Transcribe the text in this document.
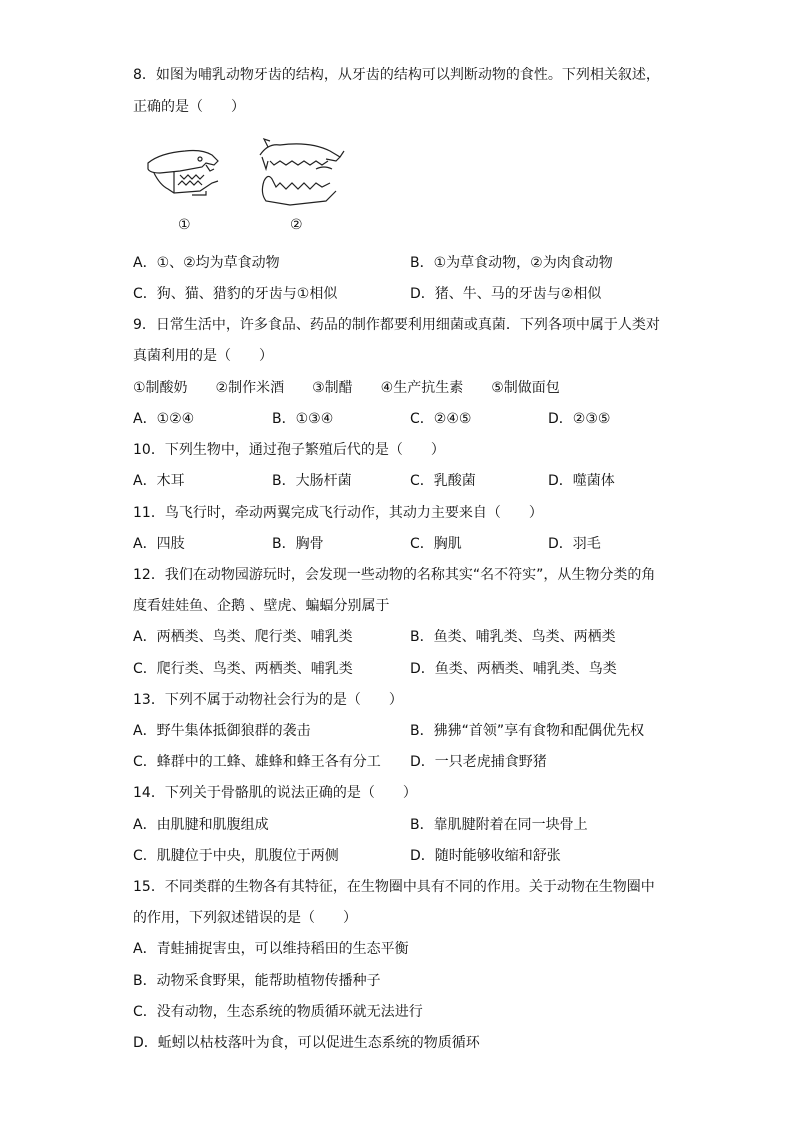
8．如图为哺乳动物牙齿的结构，从牙齿的结构可以判断动物的食性。下列相关叙述，
正确的是（　　）
①	②
A．①、②均为草食动物	B．①为草食动物，②为肉食动物
C．狗、猫、猎豹的牙齿与①相似	D．猪、牛、马的牙齿与②相似
9．日常生活中，许多食品、药品的制作都要利用细菌或真菌．下列各项中属于人类对
真菌利用的是（　　）
①制酸奶　　②制作米酒　　③制醋　　④生产抗生素　　⑤制做面包
A．①②④	B．①③④	C．②④⑤	D．②③⑤
10．下列生物中，通过孢子繁殖后代的是（　　）
A．木耳	B．大肠杆菌	C．乳酸菌	D．噬菌体
11．鸟飞行时，牵动两翼完成飞行动作，其动力主要来自（　　）
A．四肢	B．胸骨	C．胸肌	D．羽毛
12．我们在动物园游玩时，会发现一些动物的名称其实“名不符实”，从生物分类的角
度看娃娃鱼、企鹅 、壁虎、蝙蝠分别属于
A．两栖类、鸟类、爬行类、哺乳类	B．鱼类、哺乳类、鸟类、两栖类
C．爬行类、鸟类、两栖类、哺乳类	D．鱼类、两栖类、哺乳类、鸟类
13．下列不属于动物社会行为的是（　　）
A．野牛集体抵御狼群的袭击	B．狒狒“首领”享有食物和配偶优先权
C．蜂群中的工蜂、雄蜂和蜂王各有分工 D．一只老虎捕食野猪
14．下列关于骨骼肌的说法正确的是（　　）
A．由肌腱和肌腹组成	B．靠肌腱附着在同一块骨上
C．肌腱位于中央，肌腹位于两侧	D．随时能够收缩和舒张
15．不同类群的生物各有其特征，在生物圈中具有不同的作用。关于动物在生物圈中
的作用，下列叙述错误的是（　　）
A．青蛙捕捉害虫，可以维持稻田的生态平衡
B．动物采食野果，能帮助植物传播种子
C．没有动物，生态系统的物质循环就无法进行
D．蚯蚓以枯枝落叶为食，可以促进生态系统的物质循环
